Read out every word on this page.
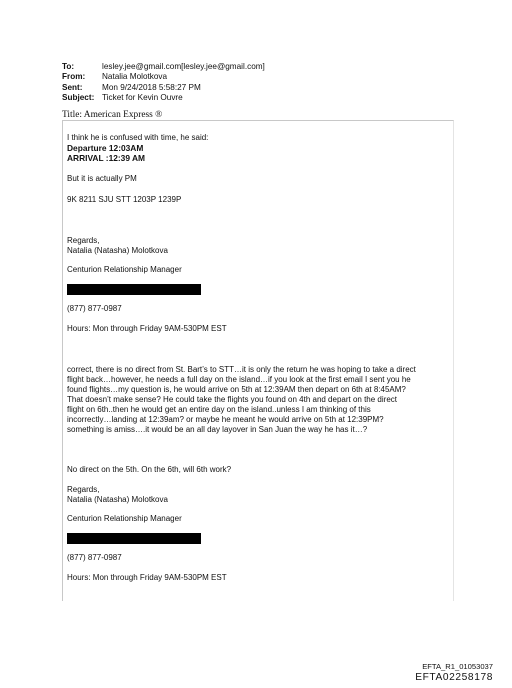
To:	lesley.jee@gmail.com[lesley.jee@gmail.com]
From:	Natalia Molotkova
Sent:	Mon 9/24/2018 5:58:27 PM
Subject: Ticket for Kevin Ouvre
Title: American Express ®

I think he is confused with time, he said:

Departure 12:03AM

ARRIVAL :12:39 AM

But it is actually PM

9K 8211 SJU STT 1203P 1239P

Regards,

Natalia (Natasha) Molotkova

Centurion Relationship Manager

(877) 877-0987

Hours: Mon through Friday 9AM-530PM EST

correct, there is no direct from St. Bart’s to STT…it is only the return he was hoping to take a direct

flight back…however, he needs a full day on the island…if you look at the first email I sent you he

found flights…my question is, he would arrive on 5th at 12:39AM then depart on 6th at 8:45AM?

That doesn’t make sense? He could take the flights you found on 4th and depart on the direct

flight on 6th..then he would get an entire day on the island..unless I am thinking of this

incorrectly…landing at 12:39am? or maybe he meant he would arrive on 5th at 12:39PM?

something is amiss….it would be an all day layover in San Juan the way he has it…?

No direct on the 5th. On the 6th, will 6th work?

Regards,

Natalia (Natasha) Molotkova

Centurion Relationship Manager

(877) 877-0987

Hours: Mon through Friday 9AM-530PM EST

EFTA_R1_01053037
EFTA02258178
